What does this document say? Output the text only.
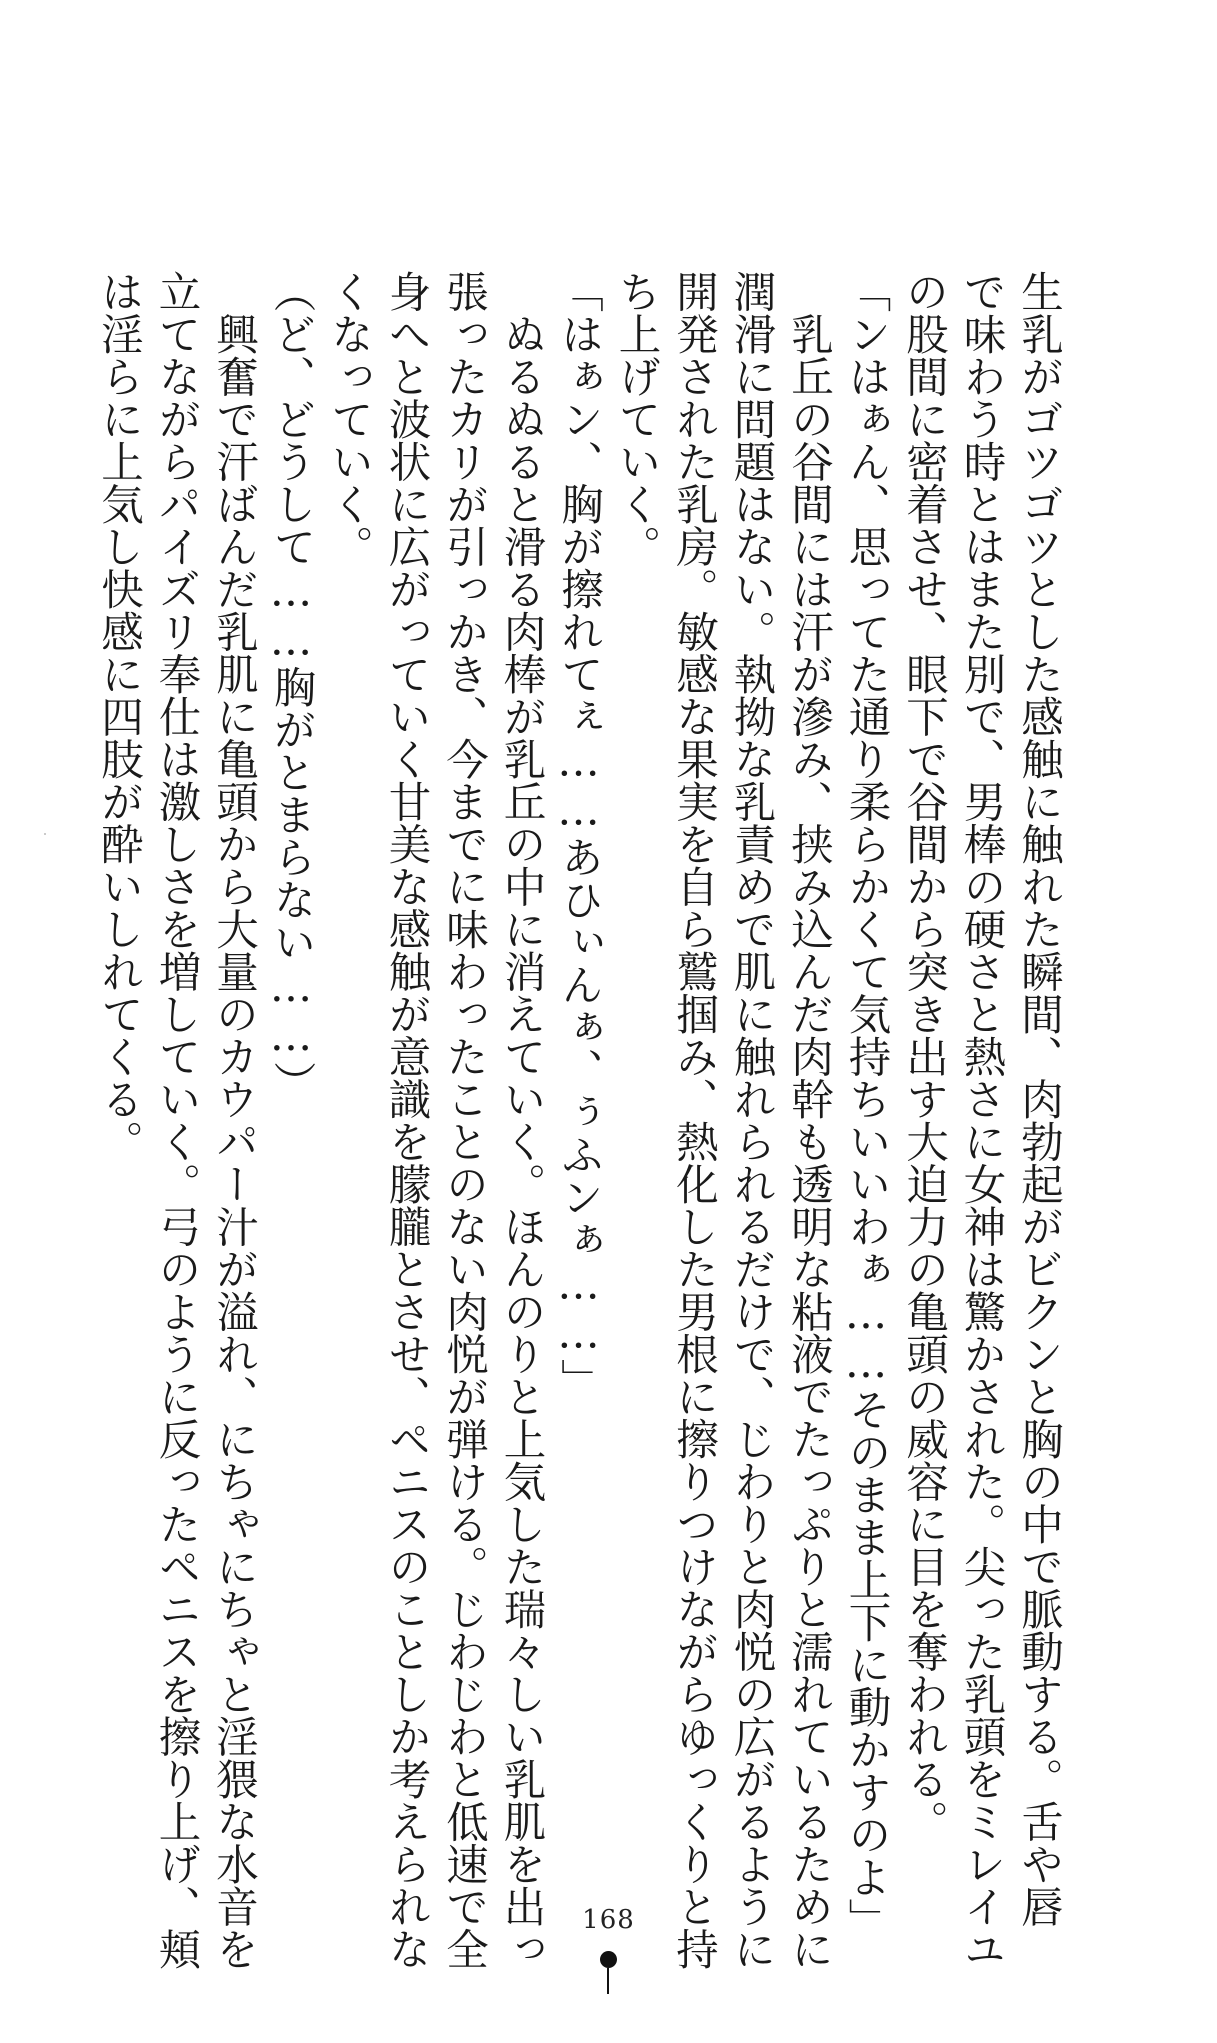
生乳がゴツゴツとした感触に触れた瞬間、肉勃起がビクンと胸の中で脈動する。舌や唇
で味わう時とはまた別で、男棒の硬さと熱さに女神は驚かされた。尖った乳頭をミレイユ
の股間に密着させ、眼下で谷間から突き出す大迫力の亀頭の威容に目を奪われる。
「ンはぁん、思ってた通り柔らかくて気持ちいいわぁ……そのまま上下に動かすのよ」
　乳丘の谷間には汗が滲み、挟み込んだ肉幹も透明な粘液でたっぷりと濡れているために
潤滑に問題はない。執拗な乳責めで肌に触れられるだけで、じわりと肉悦の広がるように
開発された乳房。敏感な果実を自ら鷲掴み、熱化した男根に擦りつけながらゆっくりと持
ち上げていく。
「はぁン、胸が擦れてぇ……あひぃんぁ、ぅふンぁ……」
　ぬるぬると滑る肉棒が乳丘の中に消えていく。ほんのりと上気した瑞々しい乳肌を出っ
張ったカリが引っかき、今までに味わったことのない肉悦が弾ける。じわじわと低速で全
身へと波状に広がっていく甘美な感触が意識を朦朧とさせ、ペニスのことしか考えられな
くなっていく。
（ど、どうして……胸がとまらない……）
　興奮で汗ばんだ乳肌に亀頭から大量のカウパー汁が溢れ、にちゃにちゃと淫猥な水音を
立てながらパイズリ奉仕は激しさを増していく。弓のように反ったペニスを擦り上げ、頬
は淫らに上気し快感に四肢が酔いしれてくる。
168
